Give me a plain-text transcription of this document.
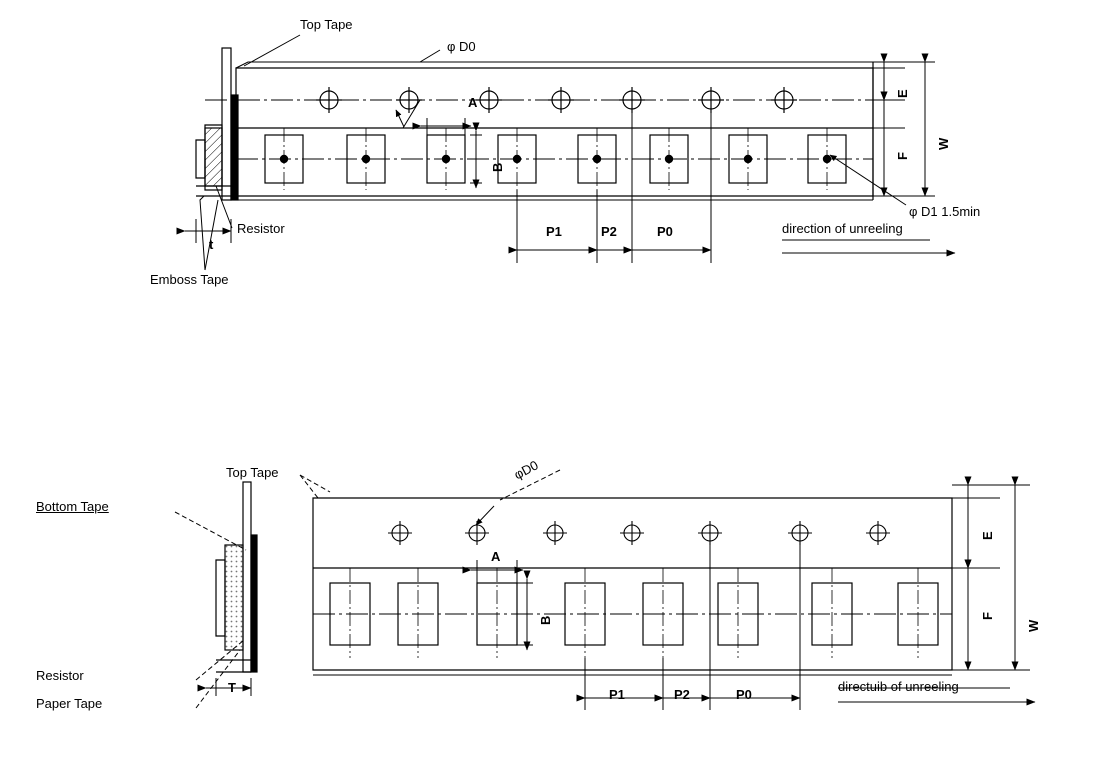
Top Tape
φ D0
A
B
Resistor
Emboss Tape
t
P1	P2	P0
E
F
W
φ D1 1.5min
direction of unreeling
Top Tape
Bottom Tape
Resistor
Paper Tape
T
φD0
A
B
P1	P2	P0
E
F
W
directuib of unreeling
